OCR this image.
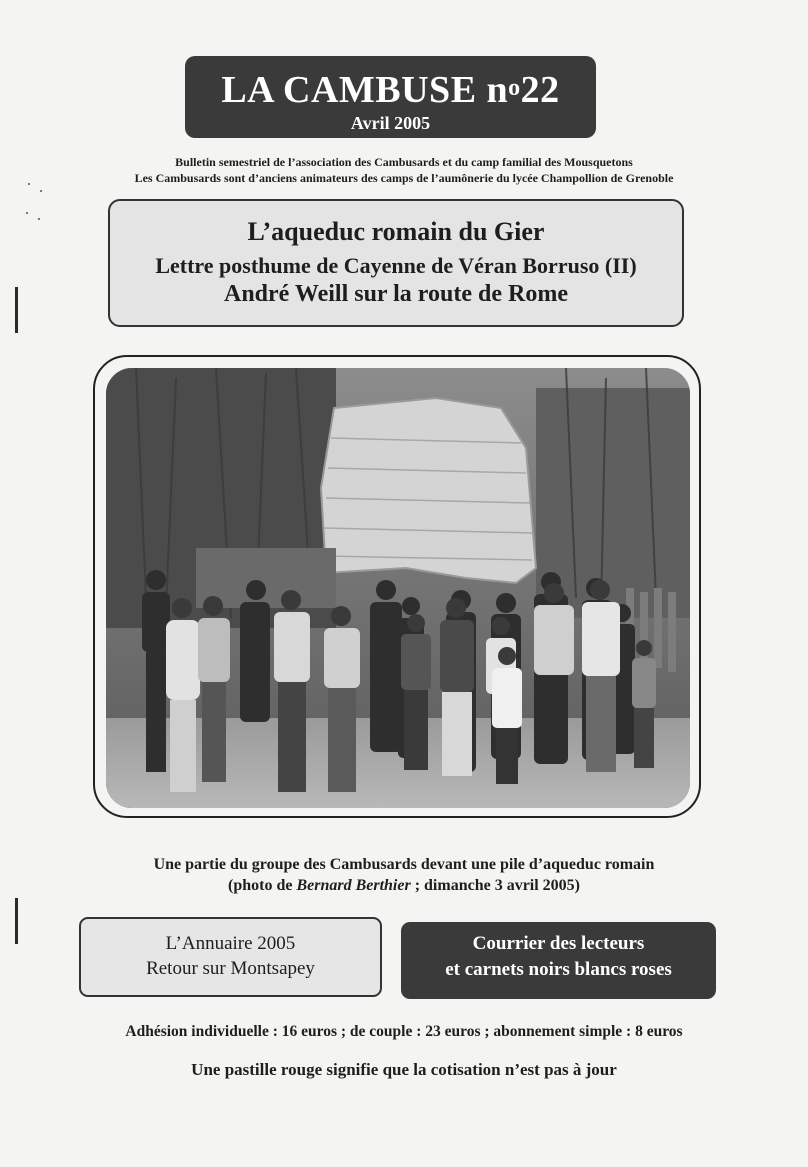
LA CAMBUSE $n^o22$
Avril 2005
Bulletin semestriel de l’association des Cambusards et du camp familial des Mousquetons
Les Cambusards sont d’anciens animateurs des camps de l’aumônerie du lycée Champollion de Grenoble
L’aqueduc romain du Gier
Lettre posthume de Cayenne de Véran Borruso (II)
André Weill sur la route de Rome
Une partie du groupe des Cambusards devant une pile d’aqueduc romain
(photo de Bernard Berthier ; dimanche 3 avril 2005)
L’Annuaire 2005
Retour sur Montsapey
Courrier des lecteurs
et carnets noirs blancs roses
Adhésion individuelle : 16 euros ; de couple : 23 euros ; abonnement simple : 8 euros
Une pastille rouge signifie que la cotisation n’est pas à jour
